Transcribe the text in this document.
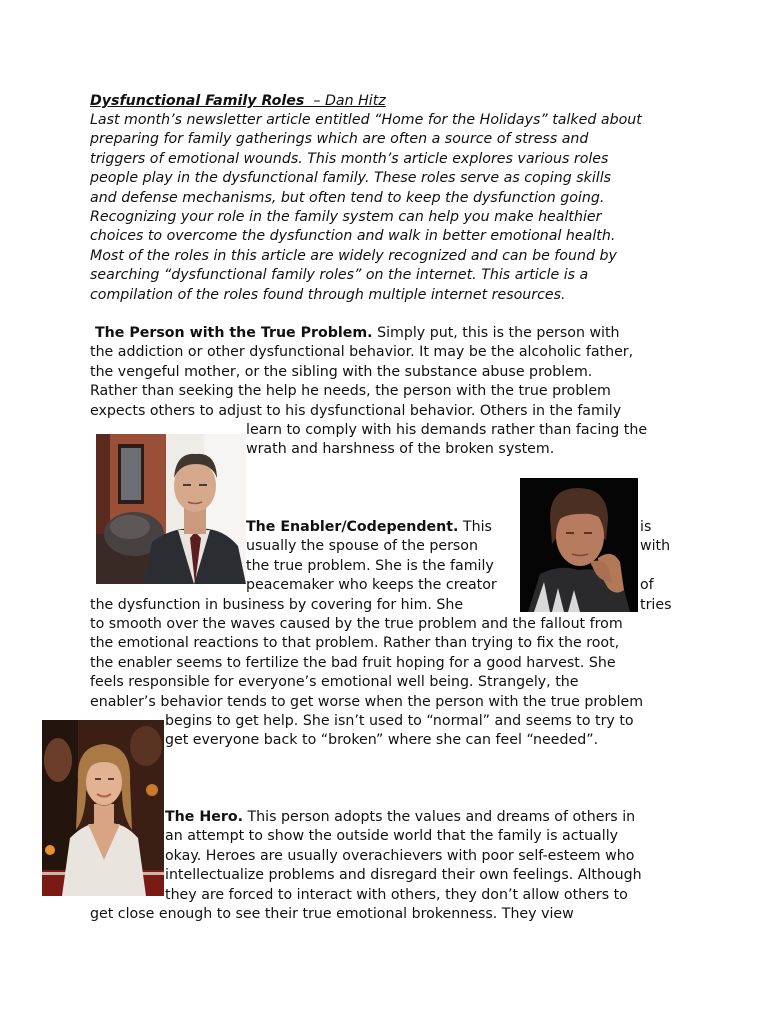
Dysfunctional Family Roles – Dan Hitz
Last month’s newsletter article entitled “Home for the Holidays” talked about
preparing for family gatherings which are often a source of stress and
triggers of emotional wounds. This month’s article explores various roles
people play in the dysfunctional family. These roles serve as coping skills
and defense mechanisms, but often tend to keep the dysfunction going.
Recognizing your role in the family system can help you make healthier
choices to overcome the dysfunction and walk in better emotional health.
Most of the roles in this article are widely recognized and can be found by
searching “dysfunctional family roles” on the internet. This article is a
compilation of the roles found through multiple internet resources.
The Person with the True Problem. Simply put, this is the person with
the addiction or other dysfunctional behavior. It may be the alcoholic father,
the vengeful mother, or the sibling with the substance abuse problem.
Rather than seeking the help he needs, the person with the true problem
expects others to adjust to his dysfunctional behavior. Others in the family
learn to comply with his demands rather than facing the
wrath and harshness of the broken system.
The Enabler/Codependent. This	is
usually the spouse of the person	with
the true problem. She is the family
peacemaker who keeps the creator	of
the dysfunction in business by covering for him. She	tries
to smooth over the waves caused by the true problem and the fallout from
the emotional reactions to that problem. Rather than trying to fix the root,
the enabler seems to fertilize the bad fruit hoping for a good harvest. She
feels responsible for everyone’s emotional well being. Strangely, the
enabler’s behavior tends to get worse when the person with the true problem
begins to get help. She isn’t used to “normal” and seems to try to
get everyone back to “broken” where she can feel “needed”.
The Hero. This person adopts the values and dreams of others in
an attempt to show the outside world that the family is actually
okay. Heroes are usually overachievers with poor self-esteem who
intellectualize problems and disregard their own feelings. Although
they are forced to interact with others, they don’t allow others to
get close enough to see their true emotional brokenness. They view
